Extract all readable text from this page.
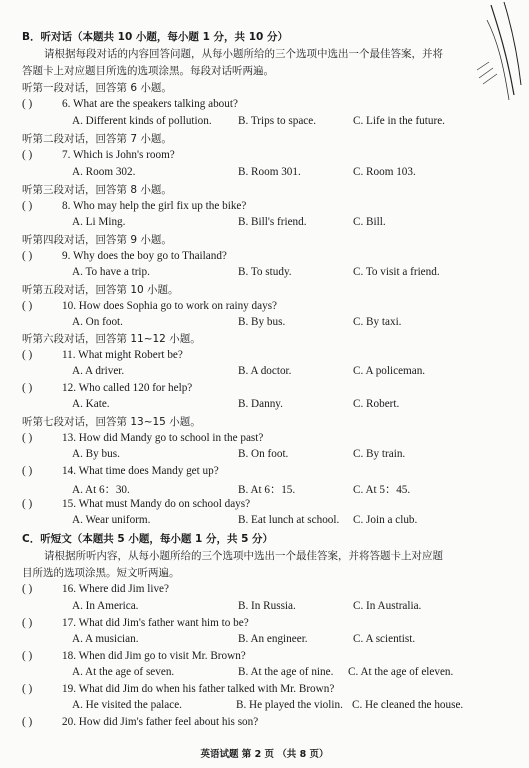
B．听对话（本题共 10 小题，每小题 1 分，共 10 分）
请根据每段对话的内容回答问题，从每小题所给的三个选项中选出一个最佳答案，并将
答题卡上对应题目所选的选项涂黑。每段对话听两遍。
听第一段对话，回答第 6 小题。
( )	6. What are the speakers talking about?
A. Different kinds of pollution. B. Trips to space.	C. Life in the future.
听第二段对话，回答第 7 小题。
( )	7. Which is John's room?
A. Room 302.	B. Room 301.	C. Room 103.
听第三段对话，回答第 8 小题。
( )	8. Who may help the girl fix up the bike?
A. Li Ming.	B. Bill's friend.	C. Bill.
听第四段对话，回答第 9 小题。
( )	9. Why does the boy go to Thailand?
A. To have a trip.	B. To study.	C. To visit a friend.
听第五段对话，回答第 10 小题。
( )	10. How does Sophia go to work on rainy days?
A. On foot.	B. By bus.	C. By taxi.
听第六段对话，回答第 11~12 小题。
( )	11. What might Robert be?
A. A driver.	B. A doctor.	C. A policeman.
( )	12. Who called 120 for help?
A. Kate.	B. Danny.	C. Robert.
听第七段对话，回答第 13~15 小题。
( )	13. How did Mandy go to school in the past?
A. By bus.	B. On foot.	C. By train.
( )	14. What time does Mandy get up?
A. At 6：30.	B. At 6：15.	C. At 5：45.
( )	15. What must Mandy do on school days?
A. Wear uniform.	B. Eat lunch at school. C. Join a club.
C．听短文（本题共 5 小题，每小题 1 分，共 5 分）
请根据所听内容，从每小题所给的三个选项中选出一个最佳答案，并将答题卡上对应题
目所选的选项涂黑。短文听两遍。
( )	16. Where did Jim live?
A. In America.	B. In Russia.	C. In Australia.
( )	17. What did Jim's father want him to be?
A. A musician.	B. An engineer.	C. A scientist.
( )	18. When did Jim go to visit Mr. Brown?
A. At the age of seven.	B. At the age of nine. C. At the age of eleven.
( )	19. What did Jim do when his father talked with Mr. Brown?
A. He visited the palace.	B. He played the violin. C. He cleaned the house.
( )	20. How did Jim's father feel about his son?
英语试题 第 2 页 （共 8 页）
